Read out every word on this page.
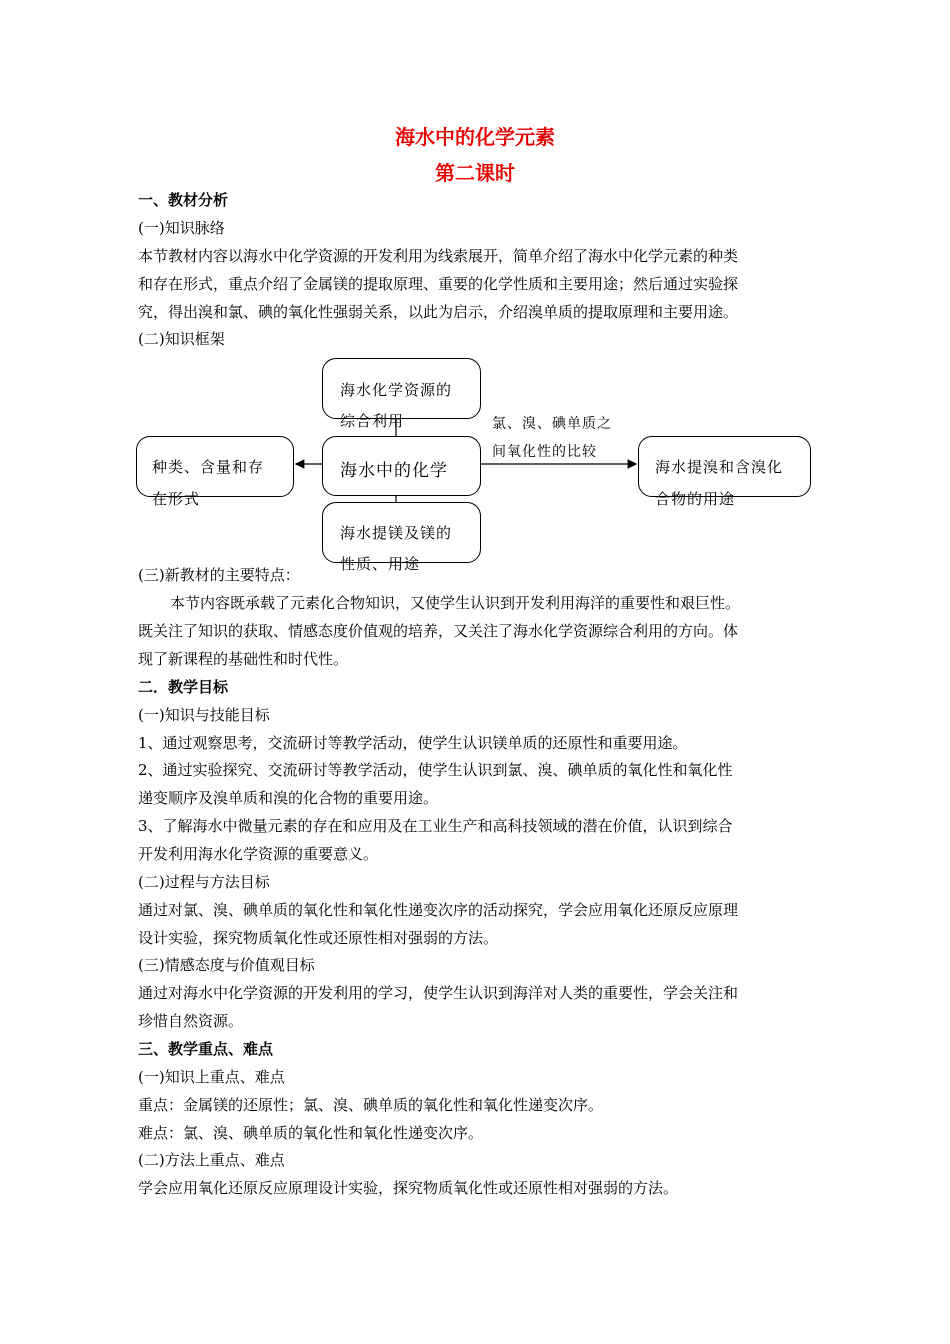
海水中的化学元素
第二课时
一、教材分析
(一)知识脉络
本节教材内容以海水中化学资源的开发利用为线索展开，简单介绍了海水中化学元素的种类
和存在形式，重点介绍了金属镁的提取原理、重要的化学性质和主要用途；然后通过实验探
究，得出溴和氯、碘的氧化性强弱关系，以此为启示，介绍溴单质的提取原理和主要用途。
(二)知识框架
海水化学资源的
综合利用
海水中的化学
种类、含量和存
在形式
海水提镁及镁的
性质、用途
海水提溴和含溴化
合物的用途
氯、溴、碘单质之
间氧化性的比较
(三)新教材的主要特点：
本节内容既承载了元素化合物知识，又使学生认识到开发利用海洋的重要性和艰巨性。
既关注了知识的获取、情感态度价值观的培养，又关注了海水化学资源综合利用的方向。体
现了新课程的基础性和时代性。
二．教学目标
(一)知识与技能目标
1、通过观察思考，交流研讨等教学活动，使学生认识镁单质的还原性和重要用途。
2、通过实验探究、交流研讨等教学活动，使学生认识到氯、溴、碘单质的氧化性和氧化性
递变顺序及溴单质和溴的化合物的重要用途。
3、了解海水中微量元素的存在和应用及在工业生产和高科技领域的潜在价值，认识到综合
开发利用海水化学资源的重要意义。
(二)过程与方法目标
通过对氯、溴、碘单质的氧化性和氧化性递变次序的活动探究，学会应用氧化还原反应原理
设计实验，探究物质氧化性或还原性相对强弱的方法。
(三)情感态度与价值观目标
通过对海水中化学资源的开发利用的学习，使学生认识到海洋对人类的重要性，学会关注和
珍惜自然资源。
三、教学重点、难点
(一)知识上重点、难点
重点：金属镁的还原性；氯、溴、碘单质的氧化性和氧化性递变次序。
难点：氯、溴、碘单质的氧化性和氧化性递变次序。
(二)方法上重点、难点
学会应用氧化还原反应原理设计实验，探究物质氧化性或还原性相对强弱的方法。
